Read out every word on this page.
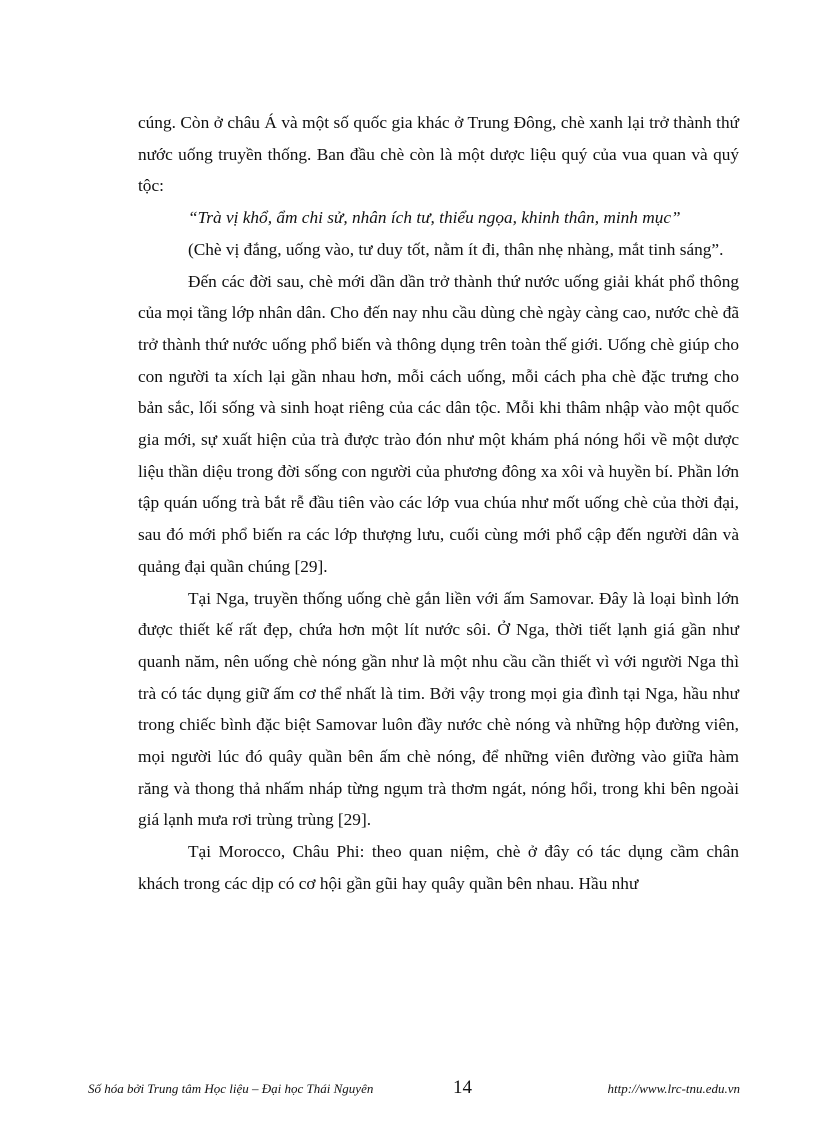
cúng. Còn ở châu Á và một số quốc gia khác ở Trung Đông, chè xanh lại trở thành thứ nước uống truyền thống. Ban đầu chè còn là một dược liệu quý của vua quan và quý tộc:

“Trà vị khổ, ẩm chi sử, nhân ích tư, thiểu ngọa, khinh thân, minh mục”

(Chè vị đắng, uống vào, tư duy tốt, nằm ít đi, thân nhẹ nhàng, mắt tinh sáng”.

Đến các đời sau, chè mới dần dần trở thành thứ nước uống giải khát phổ thông của mọi tầng lớp nhân dân. Cho đến nay nhu cầu dùng chè ngày càng cao, nước chè đã trở thành thứ nước uống phổ biến và thông dụng trên toàn thế giới. Uống chè giúp cho con người ta xích lại gần nhau hơn, mỗi cách uống, mỗi cách pha chè đặc trưng cho bản sắc, lối sống và sinh hoạt riêng của các dân tộc. Mỗi khi thâm nhập vào một quốc gia mới, sự xuất hiện của trà được trào đón như một khám phá nóng hổi về một dược liệu thần diệu trong đời sống con người của phương đông xa xôi và huyền bí. Phần lớn tập quán uống trà bắt rễ đầu tiên vào các lớp vua chúa như mốt uống chè của thời đại, sau đó mới phổ biến ra các lớp thượng lưu, cuối cùng mới phổ cập đến người dân và quảng đại quần chúng [29].

Tại Nga, truyền thống uống chè gắn liền với ấm Samovar. Đây là loại bình lớn được thiết kế rất đẹp, chứa hơn một lít nước sôi. Ở Nga, thời tiết lạnh giá gần như quanh năm, nên uống chè nóng gần như là một nhu cầu cần thiết vì với người Nga thì trà có tác dụng giữ ấm cơ thể nhất là tim. Bởi vậy trong mọi gia đình tại Nga, hầu như trong chiếc bình đặc biệt Samovar luôn đầy nước chè nóng và những hộp đường viên, mọi người lúc đó quây quần bên ấm chè nóng, để những viên đường vào giữa hàm răng và thong thả nhấm nháp từng ngụm trà thơm ngát, nóng hổi, trong khi bên ngoài giá lạnh mưa rơi trùng trùng [29].

Tại Morocco, Châu Phi: theo quan niệm, chè ở đây có tác dụng cầm chân khách trong các dịp có cơ hội gần gũi hay quây quần bên nhau. Hầu như

Số hóa bởi Trung tâm Học liệu – Đại học Thái Nguyên	14	http://www.lrc-tnu.edu.vn
